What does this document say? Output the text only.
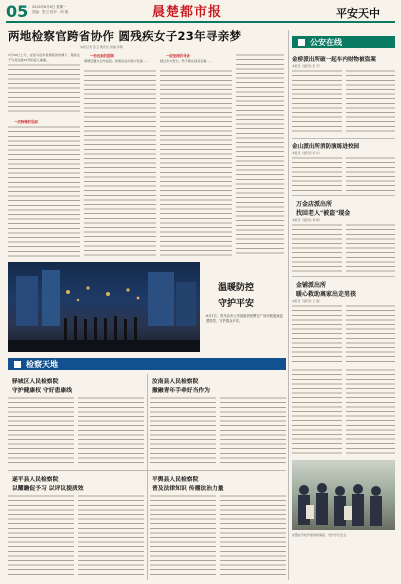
05 2024年6月6日 星期一
责编：张卫 校对：何 瑞	晨楚都市报	平安天中
两地检察官跨省协作 圆残疾女子23年寻亲梦
本报记者 张卫 通讯员 何瑞 李明
5月28日上午，在驻马店市检察院的协调下，残疾女子与其失散23年的家人重逢。
一次特殊的见面
一份迟来的团圆
事情还要从去年说起。检察官在办案中发现……
一段坚持的寻亲
经过多方努力，终于联系到其亲属……
温暖防控
守护平安
6月1日，驻马店市公安局组织民警在广场开展夜间巡逻防控，守护群众平安。
公安在线
金桥派出所破一起车内财物被盗案
本报讯（通讯员 张 平）
金山派出所消防演练进校园
本报讯（通讯员 李 华）
万金店派出所
找回老人"被盗"现金
本报讯（通讯员 刘 明）
金铺派出所
暖心救助离家出走男孩
本报讯（通讯员 王 强）
民警在学校开展消防演练，守护学生安全。
检察天地
驿城区人民检察院
守护健康权 守好患康线
汝南县人民检察院
撤融青年手牵好当作为
遂平县人民检察院
以耀瞻促予习 以评议提质效
平舆县人民检察院
普及法律知识 传播法治力量
